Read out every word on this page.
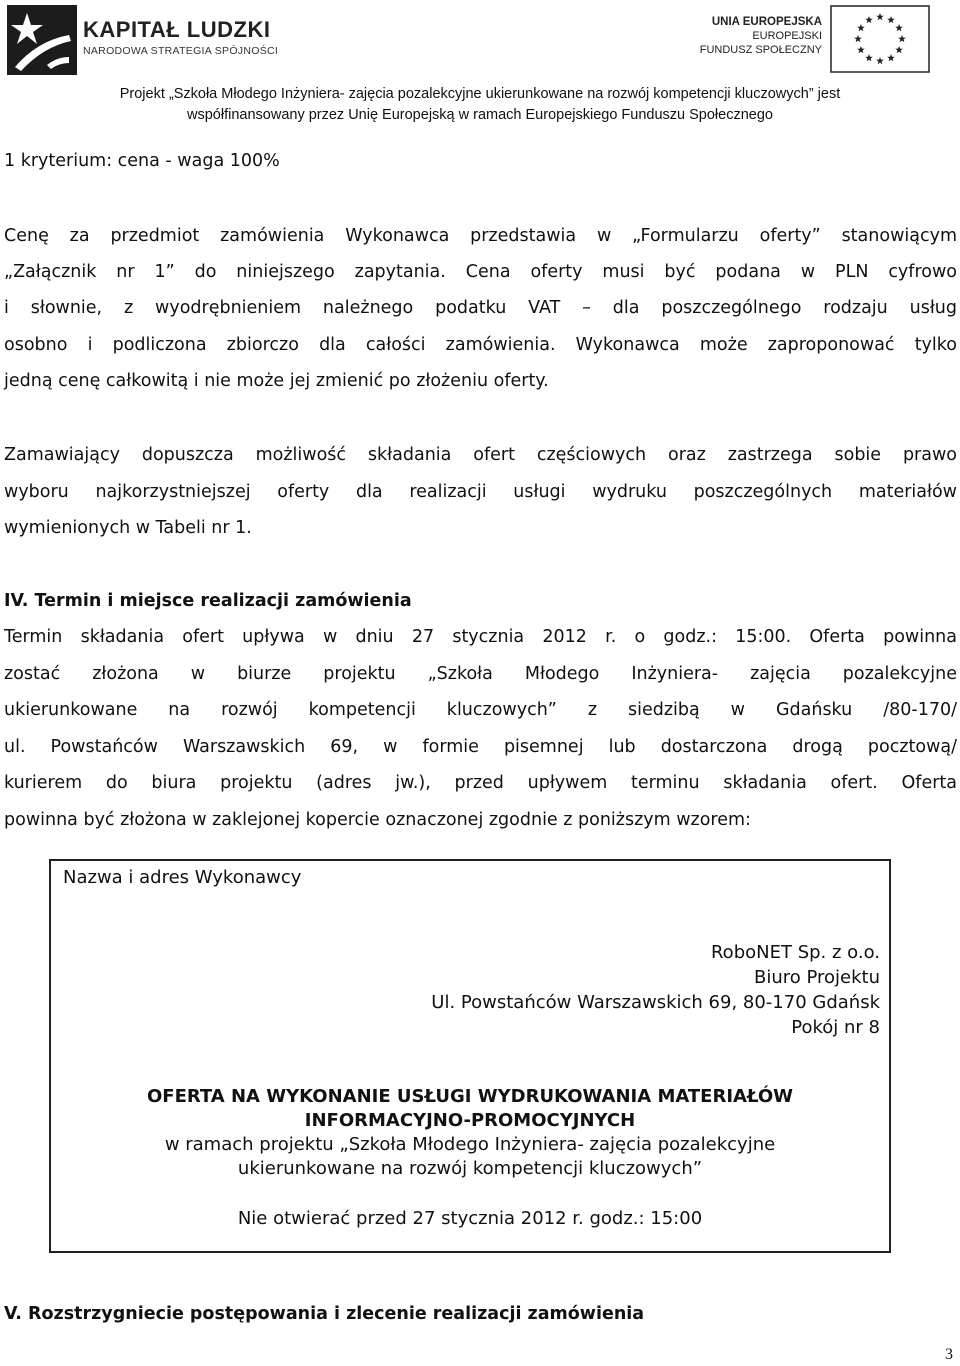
KAPITAŁ LUDZKI
NARODOWA STRATEGIA SPÓJNOŚCI
UNIA EUROPEJSKA
EUROPEJSKI
FUNDUSZ SPOŁECZNY
Projekt „Szkoła Młodego Inżyniera- zajęcia pozalekcyjne ukierunkowane na rozwój kompetencji kluczowych” jest
współfinansowany przez Unię Europejską w ramach Europejskiego Funduszu Społecznego
1 kryterium: cena - waga 100%
Cenę za przedmiot zamówienia Wykonawca przedstawia w „Formularzu oferty” stanowiącym
„Załącznik nr 1” do niniejszego zapytania. Cena oferty musi być podana w PLN cyfrowo
i słownie, z wyodrębnieniem należnego podatku VAT – dla poszczególnego rodzaju usług
osobno i podliczona zbiorczo dla całości zamówienia. Wykonawca może zaproponować tylko
jedną cenę całkowitą i nie może jej zmienić po złożeniu oferty.
Zamawiający dopuszcza możliwość składania ofert częściowych oraz zastrzega sobie prawo
wyboru najkorzystniejszej oferty dla realizacji usługi wydruku poszczególnych materiałów
wymienionych w Tabeli nr 1.
IV. Termin i miejsce realizacji zamówienia
Termin składania ofert upływa w dniu 27 stycznia 2012 r. o godz.: 15:00. Oferta powinna
zostać złożona w biurze projektu „Szkoła Młodego Inżyniera- zajęcia pozalekcyjne
ukierunkowane na rozwój kompetencji kluczowych” z siedzibą w Gdańsku /80-170/
ul. Powstańców Warszawskich 69, w formie pisemnej lub dostarczona drogą pocztową/
kurierem do biura projektu (adres jw.), przed upływem terminu składania ofert. Oferta
powinna być złożona w zaklejonej kopercie oznaczonej zgodnie z poniższym wzorem:
Nazwa i adres Wykonawcy
RoboNET Sp. z o.o.
Biuro Projektu
Ul. Powstańców Warszawskich 69, 80-170 Gdańsk
Pokój nr 8
OFERTA NA WYKONANIE USŁUGI WYDRUKOWANIA MATERIAŁÓW
INFORMACYJNO-PROMOCYJNYCH
w ramach projektu „Szkoła Młodego Inżyniera- zajęcia pozalekcyjne
ukierunkowane na rozwój kompetencji kluczowych”
Nie otwierać przed 27 stycznia 2012 r. godz.: 15:00
V. Rozstrzygniecie postępowania i zlecenie realizacji zamówienia
3
